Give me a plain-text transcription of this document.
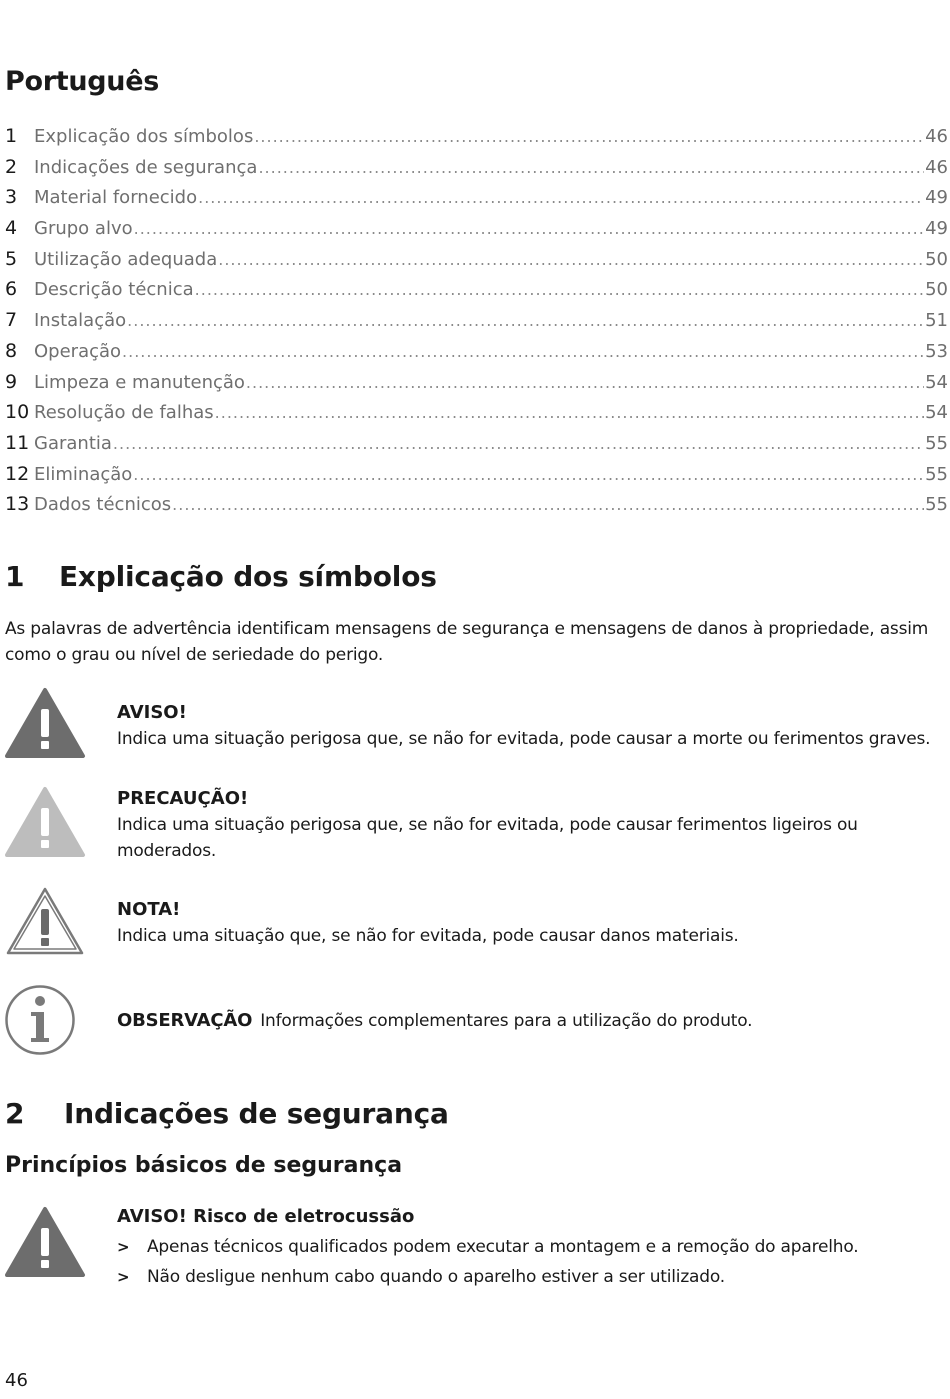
Português
1 Explicação dos símbolos .....	46
2 Indicações de segurança .....	46
3 Material fornecido .....	49
4 Grupo alvo .....	49
5 Utilização adequada .....	50
6 Descrição técnica .....	50
7 Instalação .....	51
8 Operação .....	53
9 Limpeza e manutenção .....	54
10 Resolução de falhas .....	54
11 Garantia .....	55
12 Eliminação .....	55
13 Dados técnicos .....	55
1 Explicação dos símbolos

As palavras de advertência identificam mensagens de segurança e mensagens de danos à propriedade, assim como o grau ou nível de seriedade do perigo.

AVISO!
Indica uma situação perigosa que, se não for evitada, pode causar a morte ou ferimentos graves.
PRECAUÇÃO!
Indica uma situação perigosa que, se não for evitada, pode causar ferimentos ligeiros ou moderados.
NOTA!
Indica uma situação que, se não for evitada, pode causar danos materiais.
OBSERVAÇÃO Informações complementares para a utilização do produto.
2 Indicações de segurança
Princípios básicos de segurança
AVISO! Risco de eletrocussão
>	Apenas técnicos qualificados podem executar a montagem e a remoção do aparelho.
>	Não desligue nenhum cabo quando o aparelho estiver a ser utilizado.
46
